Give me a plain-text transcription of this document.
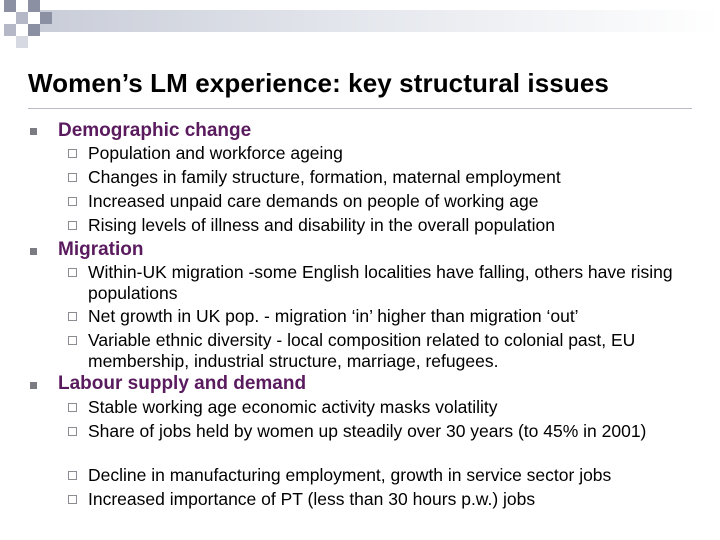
Women’s LM experience: key structural issues
Demographic change
Population and workforce ageing
Changes in family structure, formation, maternal employment
Increased unpaid care demands on people of working age
Rising levels of illness and disability in the overall population
Migration
Within-UK migration -some English localities have falling, others have rising populations
Net growth in UK pop. - migration ‘in’ higher than migration ‘out’
Variable ethnic diversity - local composition related to colonial past, EU membership, industrial structure, marriage, refugees.
Labour supply and demand
Stable working age economic activity masks volatility
Share of jobs held by women up steadily over 30 years (to 45% in 2001)
Decline in manufacturing employment, growth in service sector jobs
Increased importance of PT (less than 30 hours p.w.) jobs
